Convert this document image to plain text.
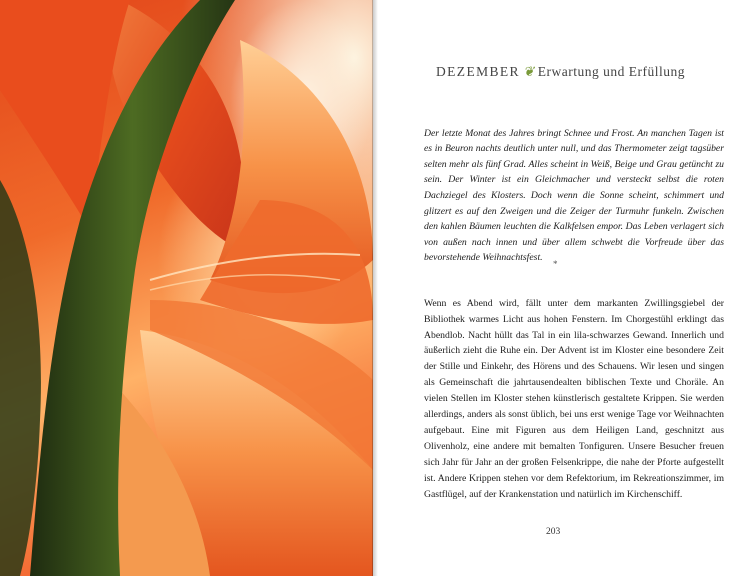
DEZEMBER ❦ Erwartung und Erfüllung

Der letzte Monat des Jahres bringt Schnee und Frost. An manchen Tagen ist es in Beuron nachts deutlich unter null, und das Thermometer zeigt tagsüber selten mehr als fünf Grad. Alles scheint in Weiß, Beige und Grau getüncht zu sein. Der Winter ist ein Gleichmacher und versteckt selbst die roten Dachziegel des Klosters. Doch wenn die Sonne scheint, schimmert und glitzert es auf den Zweigen und die Zeiger der Turmuhr funkeln. Zwischen den kahlen Bäumen leuchten die Kalkfelsen empor. Das Leben verlagert sich von außen nach innen und über allem schwebt die Vorfreude über das bevorstehende Weihnachtsfest.

*

Wenn es Abend wird, fällt unter dem markanten Zwillingsgiebel der Bibliothek warmes Licht aus hohen Fenstern. Im Chorgestühl erklingt das Abendlob. Nacht hüllt das Tal in ein lila-schwarzes Gewand. Innerlich und äußerlich zieht die Ruhe ein. Der Advent ist im Kloster eine besondere Zeit der Stille und Einkehr, des Hörens und des Schauens. Wir lesen und singen als Gemeinschaft die jahrtausendealten biblischen Texte und Choräle. An vielen Stellen im Kloster stehen künstlerisch gestaltete Krippen. Sie werden allerdings, anders als sonst üblich, bei uns erst wenige Tage vor Weihnachten aufgebaut. Eine mit Figuren aus dem Heiligen Land, geschnitzt aus Olivenholz, eine andere mit bemalten Tonfiguren. Unsere Besucher freuen sich Jahr für Jahr an der großen Felsenkrippe, die nahe der Pforte aufgestellt ist. Andere Krippen stehen vor dem Refektorium, im Rekreationszimmer, im Gastflügel, auf der Krankenstation und natürlich im Kirchenschiff.

203
